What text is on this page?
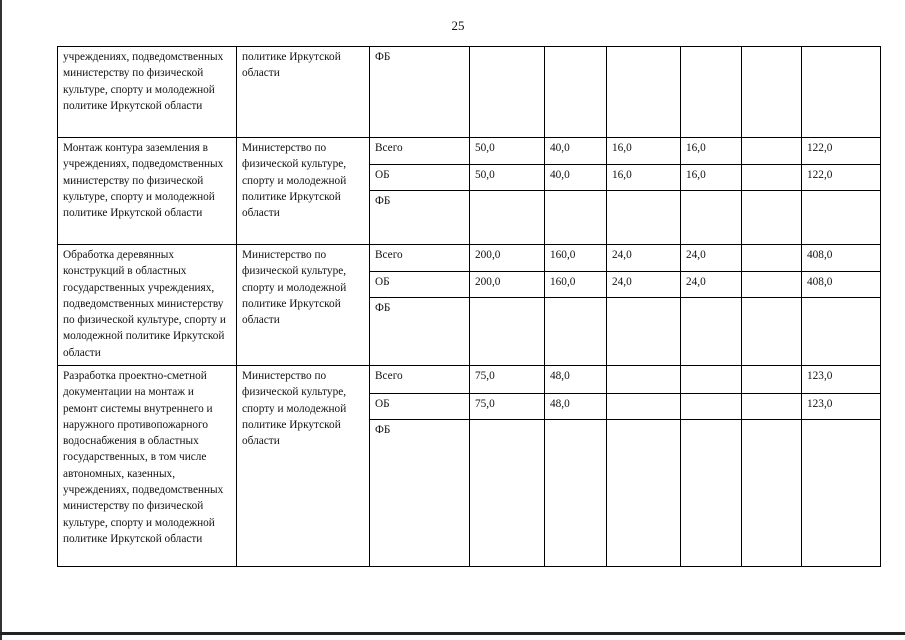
25
учреждениях, подведомственных министерству по физической культуре, спорту и молодежной политике Иркутской области	политике Иркутской области	ФБ						
Монтаж контура заземления в учреждениях, подведомственных министерству по физической культуре, спорту и молодежной политике Иркутской области	Министерство по физической культуре, спорту и молодежной политике Иркутской области	Всего	50,0	40,0	16,0	16,0		122,0
		ОБ	50,0	40,0	16,0	16,0		122,0
		ФБ						
Обработка деревянных конструкций в областных государственных учреждениях, подведомственных министерству по физической культуре, спорту и молодежной политике Иркутской области	Министерство по физической культуре, спорту и молодежной политике Иркутской области	Всего	200,0	160,0	24,0	24,0		408,0
		ОБ	200,0	160,0	24,0	24,0		408,0
		ФБ						
Разработка проектно-сметной документации на монтаж и ремонт системы внутреннего и наружного противопожарного водоснабжения в областных государственных, в том числе автономных, казенных, учреждениях, подведомственных министерству по физической культуре, спорту и молодежной политике Иркутской области	Министерство по физической культуре, спорту и молодежной политике Иркутской области	Всего	75,0	48,0				123,0
		ОБ	75,0	48,0				123,0
		ФБ						
